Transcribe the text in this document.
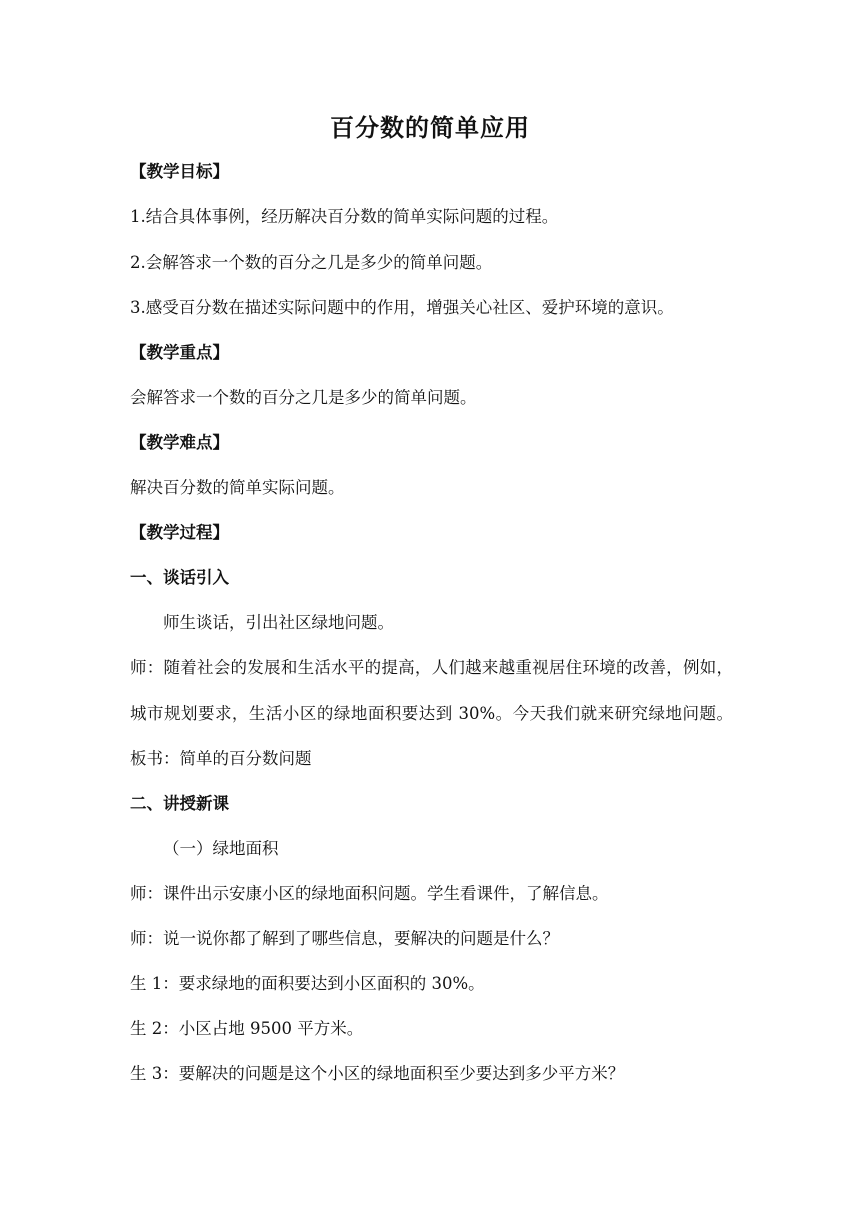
百分数的简单应用
【教学目标】
1.结合具体事例，经历解决百分数的简单实际问题的过程。
2.会解答求一个数的百分之几是多少的简单问题。
3.感受百分数在描述实际问题中的作用，增强关心社区、爱护环境的意识。
【教学重点】
会解答求一个数的百分之几是多少的简单问题。
【教学难点】
解决百分数的简单实际问题。
【教学过程】
一、谈话引入
师生谈话，引出社区绿地问题。
师：随着社会的发展和生活水平的提高，人们越来越重视居住环境的改善，例如，
城市规划要求，生活小区的绿地面积要达到 30%。今天我们就来研究绿地问题。
板书：简单的百分数问题
二、讲授新课
（一）绿地面积
师：课件出示安康小区的绿地面积问题。学生看课件，了解信息。
师：说一说你都了解到了哪些信息，要解决的问题是什么？
生 1：要求绿地的面积要达到小区面积的 30%。
生 2：小区占地 9500 平方米。
生 3：要解决的问题是这个小区的绿地面积至少要达到多少平方米？
